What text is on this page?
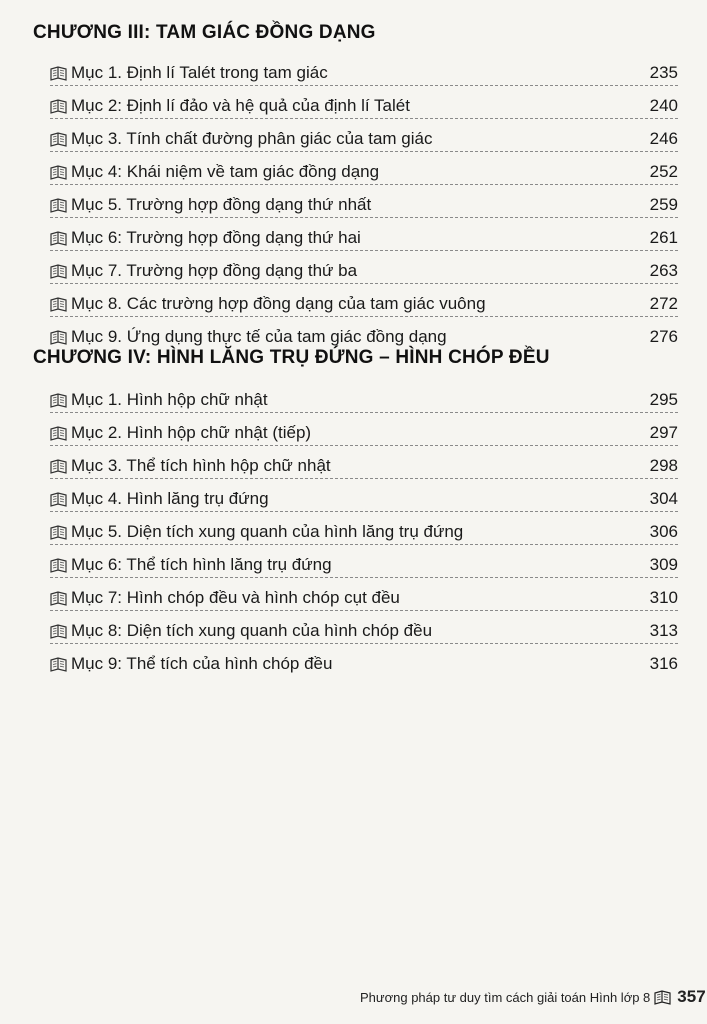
CHƯƠNG III: TAM GIÁC ĐỒNG DẠNG
Mục 1. Định lí Talét trong tam giác	235
Mục 2: Định lí đảo và hệ quả của định lí Talét	240
Mục 3. Tính chất đường phân giác của tam giác	246
Mục 4: Khái niệm về tam giác đồng dạng	252
Mục 5. Trường hợp đồng dạng thứ nhất	259
Mục 6: Trường hợp đồng dạng thứ hai	261
Mục 7. Trường hợp đồng dạng thứ ba	263
Mục 8. Các trường hợp đồng dạng của tam giác vuông	272
Mục 9. Ứng dụng thực tế của tam giác đồng dạng	276
CHƯƠNG IV: HÌNH LĂNG TRỤ ĐỨNG – HÌNH CHÓP ĐỀU
Mục 1. Hình hộp chữ nhật	295
Mục 2. Hình hộp chữ nhật (tiếp)	297
Mục 3. Thể tích hình hộp chữ nhật	298
Mục 4. Hình lăng trụ đứng	304
Mục 5. Diện tích xung quanh của hình lăng trụ đứng	306
Mục 6: Thể tích hình lăng trụ đứng	309
Mục 7: Hình chóp đều và hình chóp cụt đều	310
Mục 8: Diện tích xung quanh của hình chóp đều	313
Mục 9: Thể tích của hình chóp đều	316
Phương pháp tư duy tìm cách giải toán Hình lớp 8 357
